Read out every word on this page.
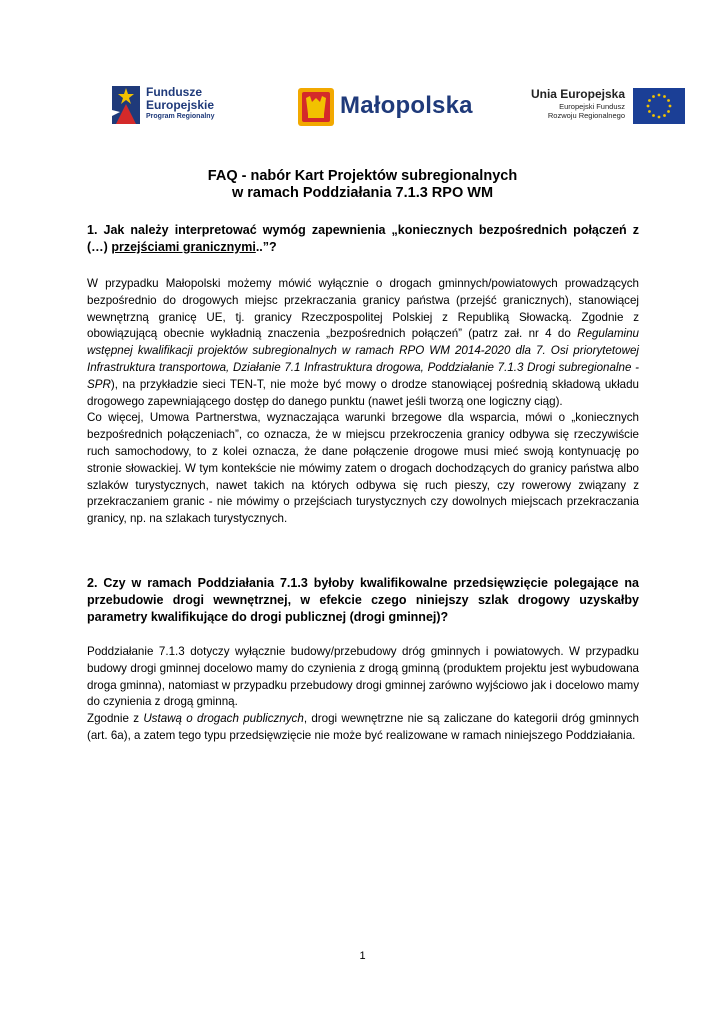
Fundusze
Europejskie
Program Regionalny	Małopolska	Unia Europejska
Europejski Fundusz
Rozwoju Regionalnego
FAQ - nabór Kart Projektów subregionalnych
w ramach Poddziałania 7.1.3 RPO WM
1. Jak należy interpretować wymóg zapewnienia „koniecznych bezpośrednich połączeń z (…) przejściami granicznymi..”?
W przypadku Małopolski możemy mówić wyłącznie o drogach gminnych/powiatowych prowadzących bezpośrednio do drogowych miejsc przekraczania granicy państwa (przejść granicznych), stanowiącej wewnętrzną granicę UE, tj. granicy Rzeczpospolitej Polskiej z Republiką Słowacką. Zgodnie z obowiązującą obecnie wykładnią znaczenia „bezpośrednich połączeń” (patrz zał. nr 4 do Regulaminu wstępnej kwalifikacji projektów subregionalnych w ramach RPO WM 2014-2020 dla 7. Osi priorytetowej Infrastruktura transportowa, Działanie 7.1 Infrastruktura drogowa, Poddziałanie 7.1.3 Drogi subregionalne - SPR), na przykładzie sieci TEN-T, nie może być mowy o drodze stanowiącej pośrednią składową układu drogowego zapewniającego dostęp do danego punktu (nawet jeśli tworzą one logiczny ciąg).
Co więcej, Umowa Partnerstwa, wyznaczająca warunki brzegowe dla wsparcia, mówi o „koniecznych bezpośrednich połączeniach”, co oznacza, że w miejscu przekroczenia granicy odbywa się rzeczywiście ruch samochodowy, to z kolei oznacza, że dane połączenie drogowe musi mieć swoją kontynuację po stronie słowackiej. W tym kontekście nie mówimy zatem o drogach dochodzących do granicy państwa albo szlaków turystycznych, nawet takich na których odbywa się ruch pieszy, czy rowerowy związany z przekraczaniem granic - nie mówimy o przejściach turystycznych czy dowolnych miejscach przekraczania granicy, np. na szlakach turystycznych.
2. Czy w ramach Poddziałania 7.1.3 byłoby kwalifikowalne przedsięwzięcie polegające na przebudowie drogi wewnętrznej, w efekcie czego niniejszy szlak drogowy uzyskałby parametry kwalifikujące do drogi publicznej (drogi gminnej)?
Poddziałanie 7.1.3 dotyczy wyłącznie budowy/przebudowy dróg gminnych i powiatowych. W przypadku budowy drogi gminnej docelowo mamy do czynienia z drogą gminną (produktem projektu jest wybudowana droga gminna), natomiast w przypadku przebudowy drogi gminnej zarówno wyjściowo jak i docelowo mamy do czynienia z drogą gminną.
Zgodnie z Ustawą o drogach publicznych, drogi wewnętrzne nie są zaliczane do kategorii dróg gminnych (art. 6a), a zatem tego typu przedsięwzięcie nie może być realizowane w ramach niniejszego Poddziałania.
1
